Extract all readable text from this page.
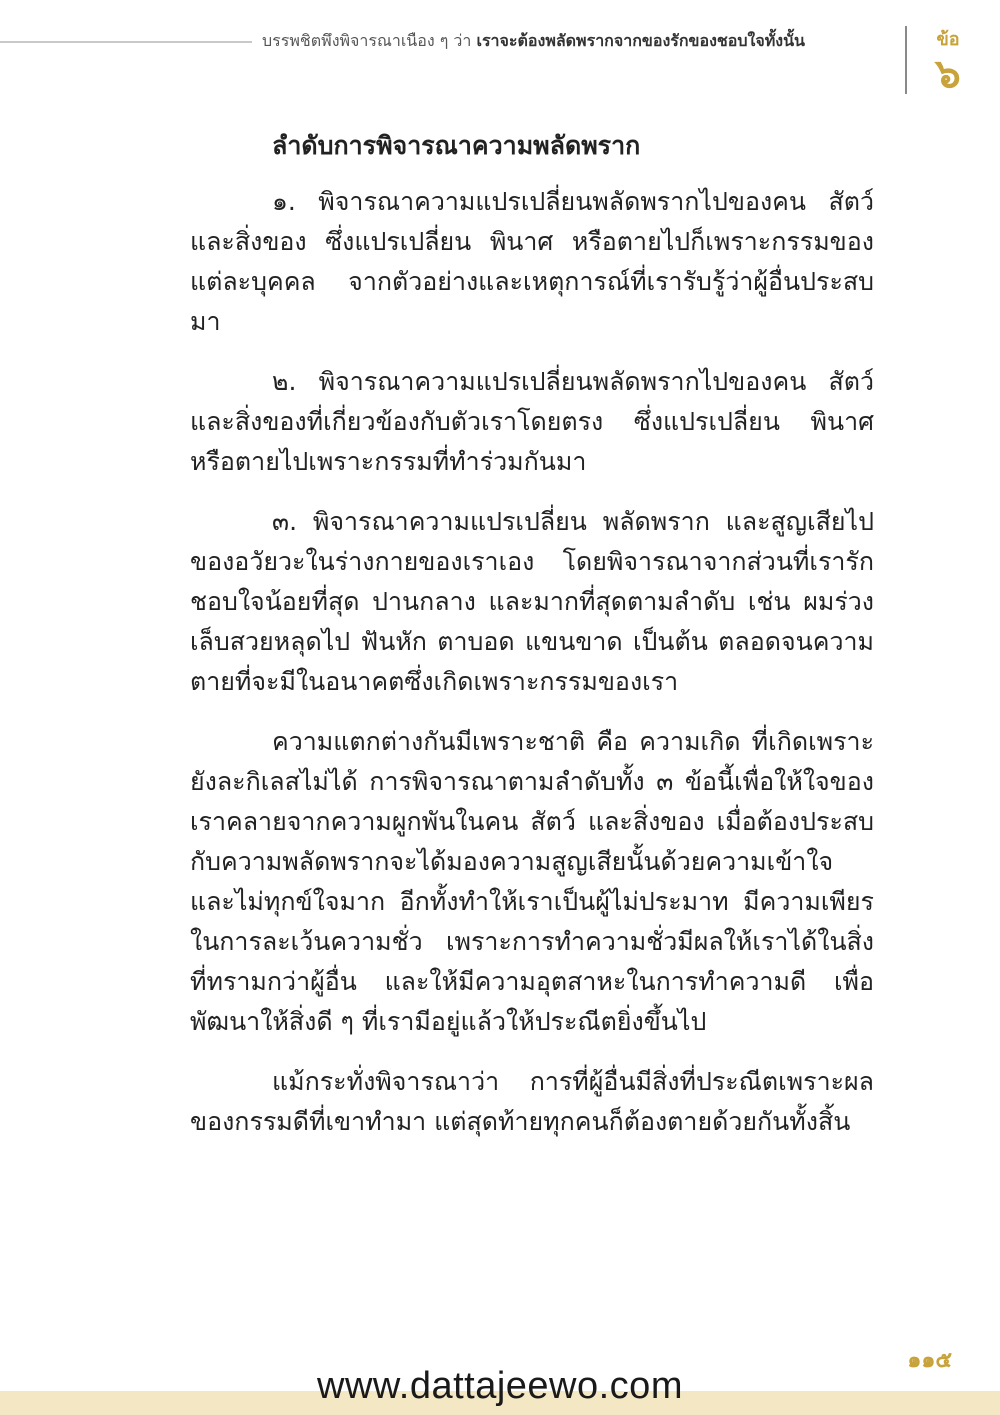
บรรพชิตพึงพิจารณาเนือง ๆ ว่า เราจะต้องพลัดพรากจากของรักของชอบใจทั้งนั้น	ข้อ
๖
ลำดับการพิจารณาความพลัดพราก

๑. พิจารณาความแปรเปลี่ยนพลัดพรากไปของคน สัตว์ และสิ่งของ ซึ่งแปรเปลี่ยน พินาศ หรือตายไปก็เพราะกรรมของแต่ละบุคคล จากตัวอย่างและเหตุการณ์ที่เรารับรู้ว่าผู้อื่นประสบมา

๒. พิจารณาความแปรเปลี่ยนพลัดพรากไปของคน สัตว์ และสิ่งของที่เกี่ยวข้องกับตัวเราโดยตรง ซึ่งแปรเปลี่ยน พินาศ หรือตายไปเพราะกรรมที่ทำร่วมกันมา

๓. พิจารณาความแปรเปลี่ยน พลัดพราก และสูญเสียไปของอวัยวะในร่างกายของเราเอง โดยพิจารณาจากส่วนที่เรารักชอบใจน้อยที่สุด ปานกลาง และมากที่สุดตามลำดับ เช่น ผมร่วง เล็บสวยหลุดไป ฟันหัก ตาบอด แขนขาด เป็นต้น ตลอดจนความตายที่จะมีในอนาคตซึ่งเกิดเพราะกรรมของเรา

ความแตกต่างกันมีเพราะชาติ คือ ความเกิด ที่เกิดเพราะยังละกิเลสไม่ได้ การพิจารณาตามลำดับทั้ง ๓ ข้อนี้เพื่อให้ใจของเราคลายจากความผูกพันในคน สัตว์ และสิ่งของ เมื่อต้องประสบกับความพลัดพรากจะได้มองความสูญเสียนั้นด้วยความเข้าใจและไม่ทุกข์ใจมาก อีกทั้งทำให้เราเป็นผู้ไม่ประมาท มีความเพียรในการละเว้นความชั่ว เพราะการทำความชั่วมีผลให้เราได้ในสิ่งที่ทรามกว่าผู้อื่น และให้มีความอุตสาหะในการทำความดี เพื่อพัฒนาให้สิ่งดี ๆ ที่เรามีอยู่แล้วให้ประณีตยิ่งขึ้นไป

แม้กระทั่งพิจารณาว่า การที่ผู้อื่นมีสิ่งที่ประณีตเพราะผลของกรรมดีที่เขาทำมา แต่สุดท้ายทุกคนก็ต้องตายด้วยกันทั้งสิ้น

๑๑๕
www.dattajeewo.com
